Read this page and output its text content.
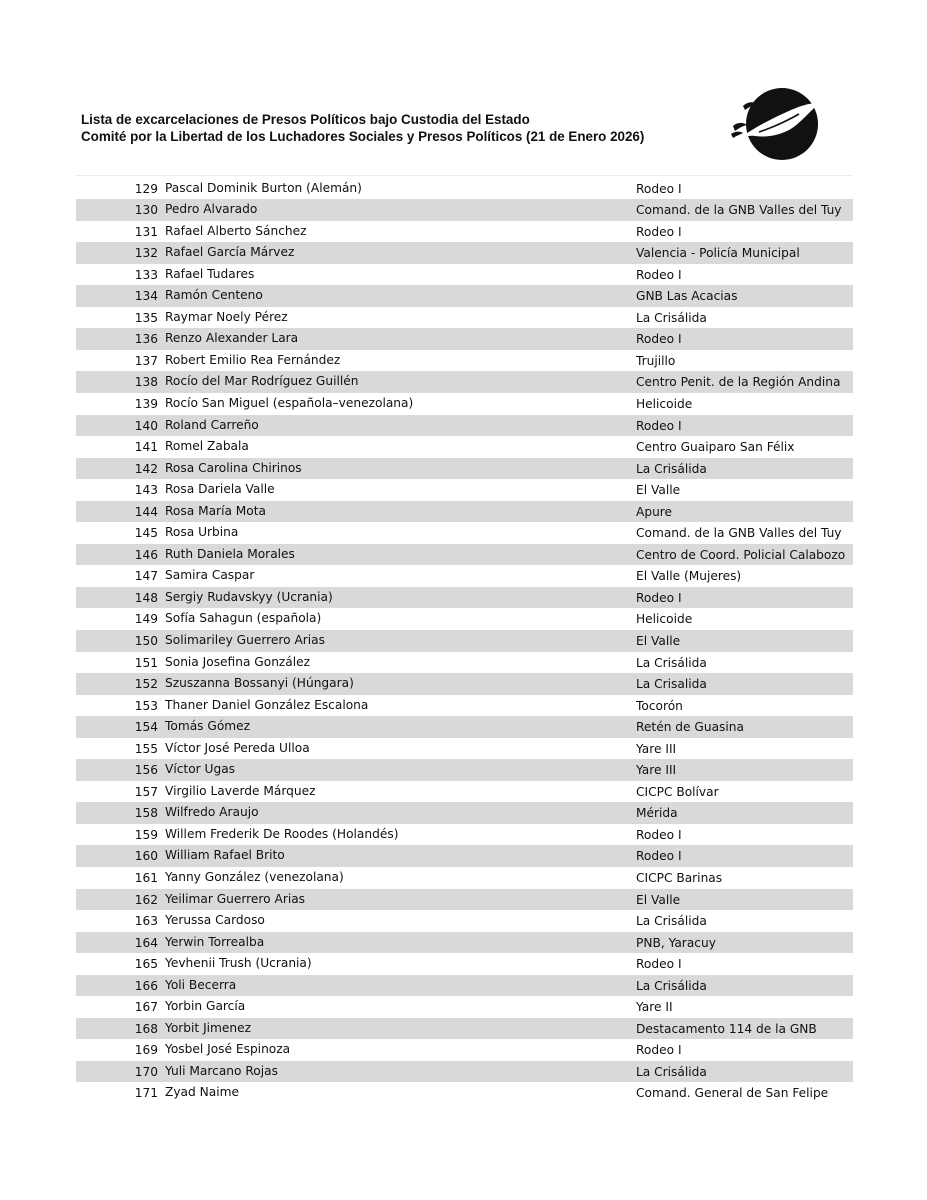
Lista de excarcelaciones de Presos Políticos bajo Custodia del Estado
Comité por la Libertad de los Luchadores Sociales y Presos Políticos (21 de Enero 2026)
129 Pascal Dominik Burton (Alemán)	Rodeo I
130 Pedro Alvarado	Comand. de la GNB Valles del Tuy
131 Rafael Alberto Sánchez	Rodeo I
132 Rafael García Márvez	Valencia - Policía Municipal
133 Rafael Tudares	Rodeo I
134 Ramón Centeno	GNB Las Acacias
135 Raymar Noely Pérez	La Crisálida
136 Renzo Alexander Lara	Rodeo I
137 Robert Emilio Rea Fernández	Trujillo
138 Rocío del Mar Rodríguez Guillén	Centro Penit. de la Región Andina
139 Rocío San Miguel (española–venezolana)	Helicoide
140 Roland Carreño	Rodeo I
141 Romel Zabala	Centro Guaiparo San Félix
142 Rosa Carolina Chirinos	La Crisálida
143 Rosa Dariela Valle	El Valle
144 Rosa María Mota	Apure
145 Rosa Urbina	Comand. de la GNB Valles del Tuy
146 Ruth Daniela Morales	Centro de Coord. Policial Calabozo
147 Samira Caspar	El Valle (Mujeres)
148 Sergiy Rudavskyy (Ucrania)	Rodeo I
149 Sofía Sahagun (española)	Helicoide
150 Solimariley Guerrero Arias	El Valle
151 Sonia Josefina González	La Crisálida
152 Szuszanna Bossanyi (Húngara)	La Crisalida
153 Thaner Daniel González Escalona	Tocorón
154 Tomás Gómez	Retén de Guasina
155 Víctor José Pereda Ulloa	Yare III
156 Víctor Ugas	Yare III
157 Virgilio Laverde Márquez	CICPC Bolívar
158 Wilfredo Araujo	Mérida
159 Willem Frederik De Roodes (Holandés)	Rodeo I
160 William Rafael Brito	Rodeo I
161 Yanny González (venezolana)	CICPC Barinas
162 Yeilimar Guerrero Arias	El Valle
163 Yerussa Cardoso	La Crisálida
164 Yerwin Torrealba	PNB, Yaracuy
165 Yevhenii Trush (Ucrania)	Rodeo I
166 Yoli Becerra	La Crisálida
167 Yorbin García	Yare II
168 Yorbit Jimenez	Destacamento 114 de la GNB
169 Yosbel José Espinoza	Rodeo I
170 Yuli Marcano Rojas	La Crisálida
171 Zyad Naime	Comand. General de San Felipe
